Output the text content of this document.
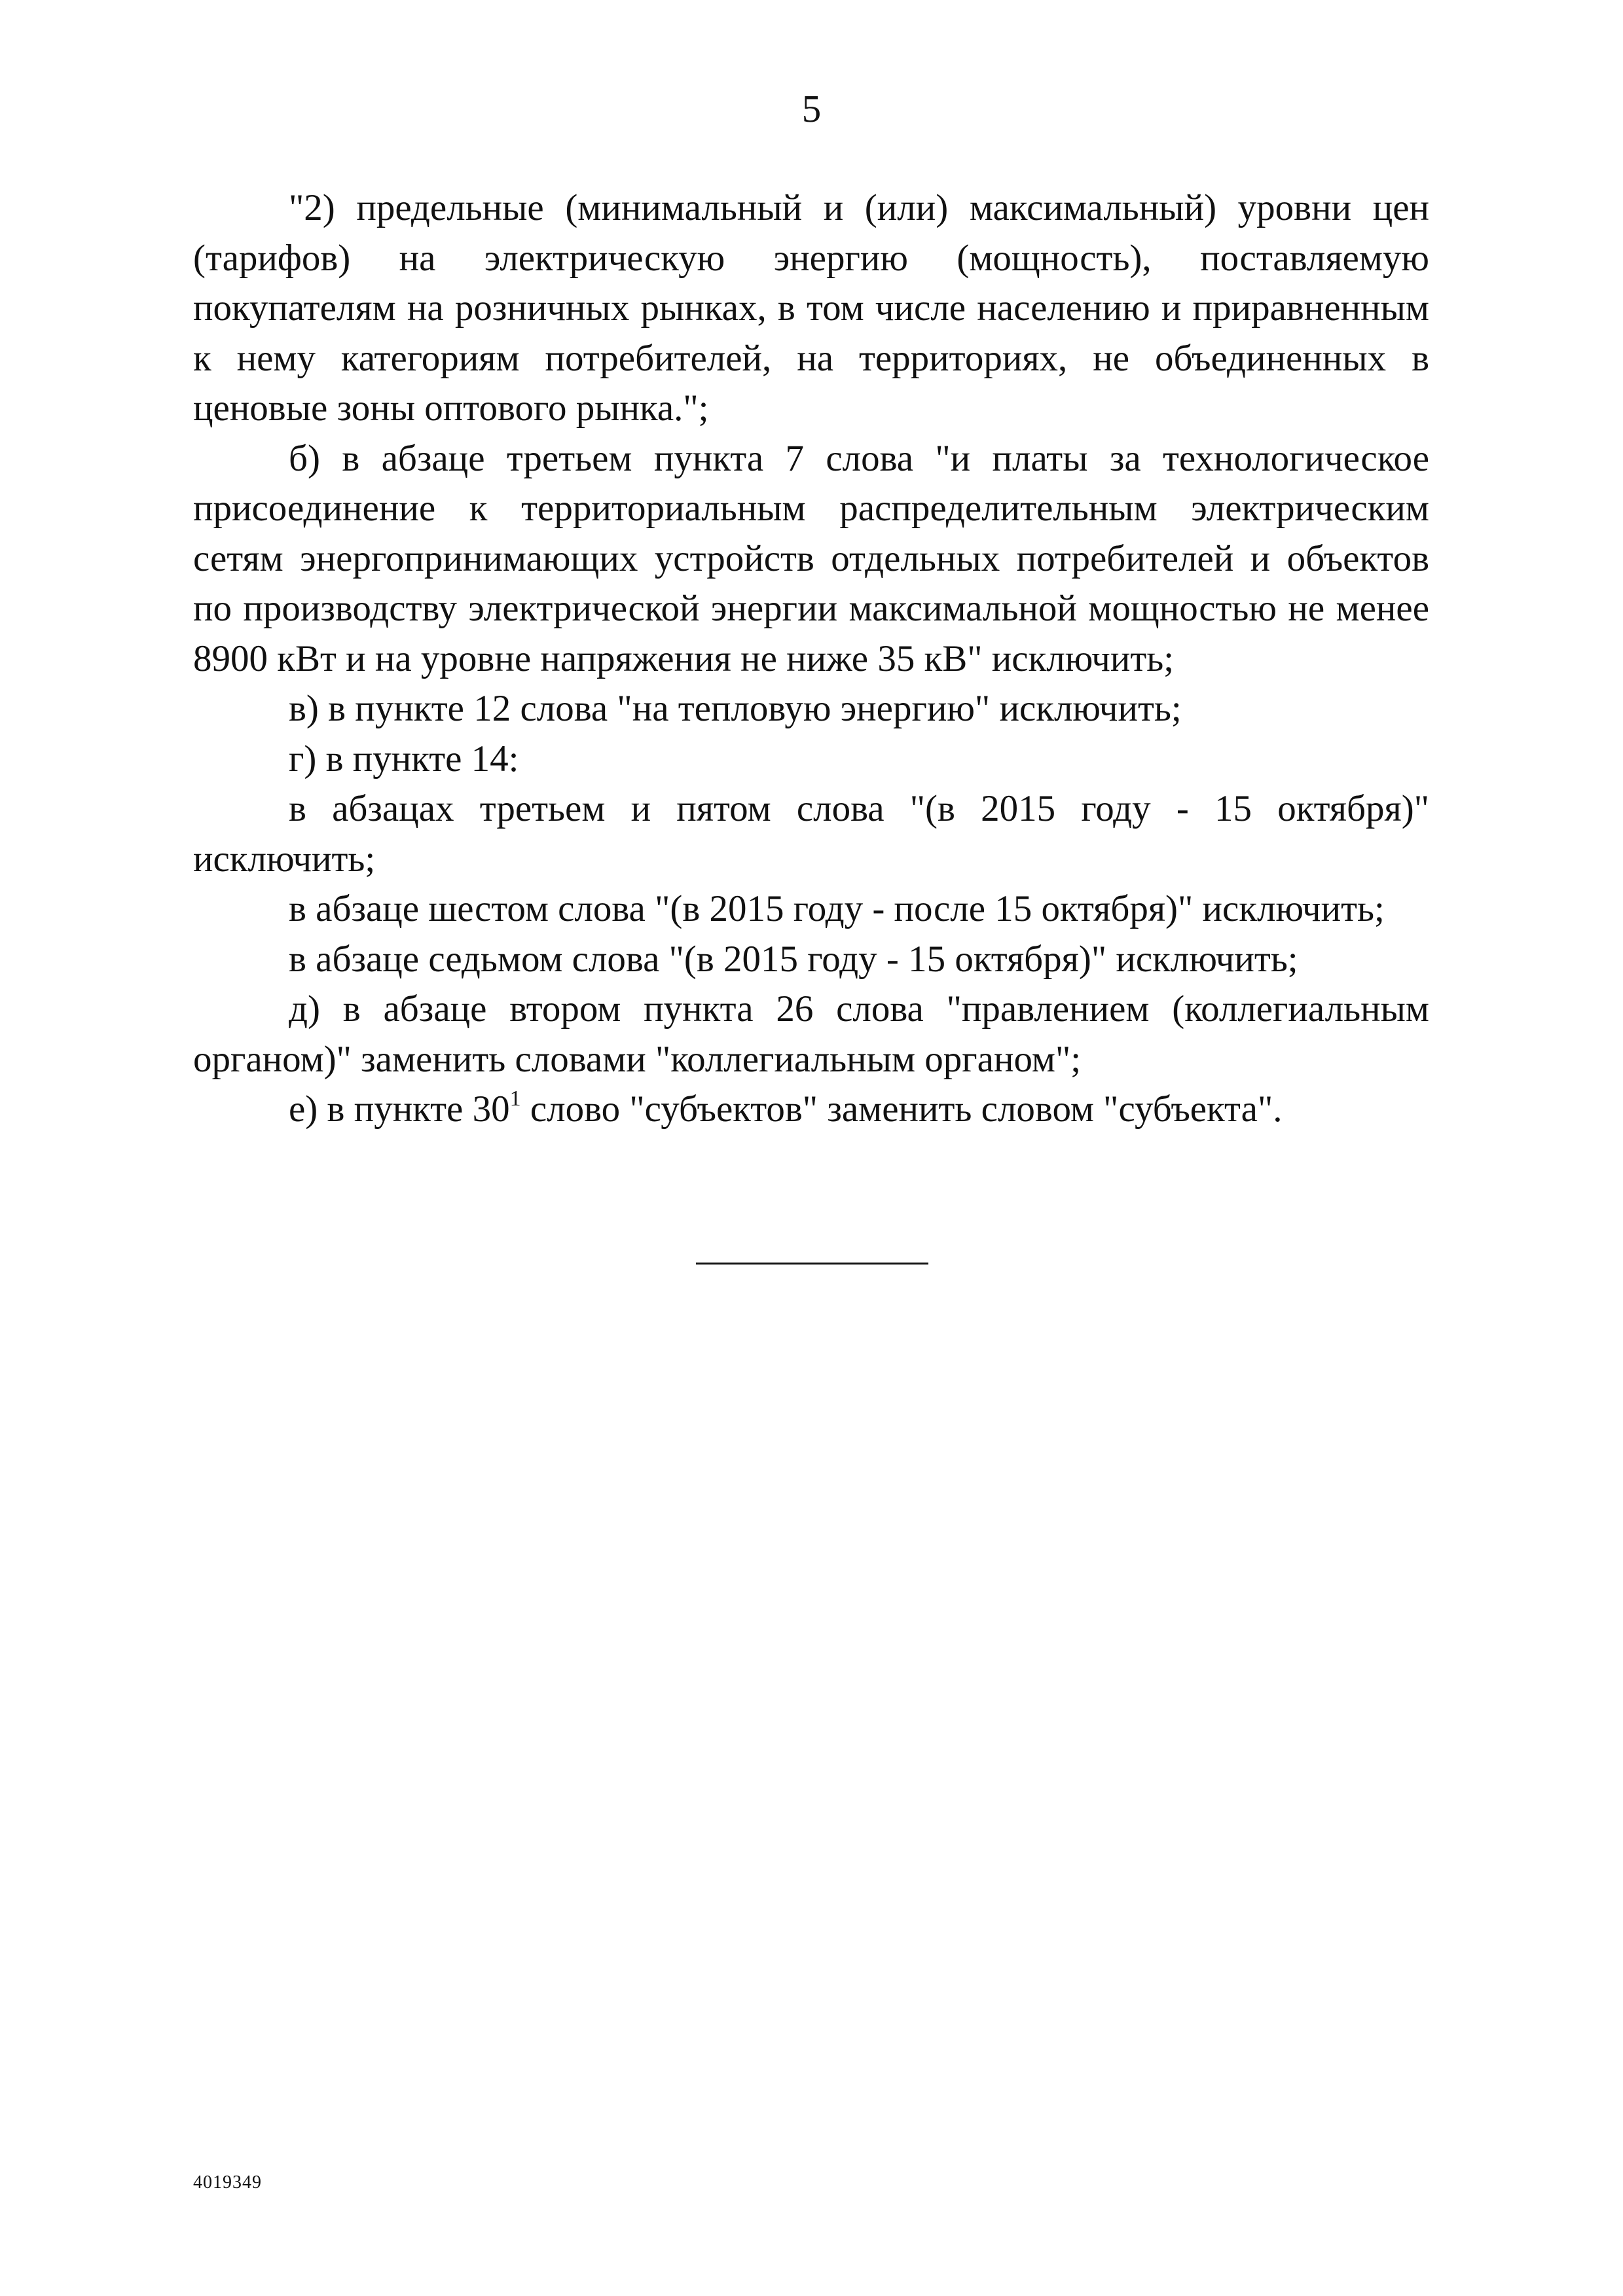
5

"2) предельные (минимальный и (или) максимальный) уровни цен (тарифов) на электрическую энергию (мощность), поставляемую покупателям на розничных рынках, в том числе населению и приравненным к нему категориям потребителей, на территориях, не объединенных в ценовые зоны оптового рынка.";

б) в абзаце третьем пункта 7 слова "и платы за технологическое присоединение к территориальным распределительным электрическим сетям энергопринимающих устройств отдельных потребителей и объектов по производству электрической энергии максимальной мощностью не менее 8900 кВт и на уровне напряжения не ниже 35 кВ" исключить;

в) в пункте 12 слова "на тепловую энергию" исключить;

г) в пункте 14:

в абзацах третьем и пятом слова "(в 2015 году - 15 октября)" исключить;

в абзаце шестом слова "(в 2015 году - после 15 октября)" исключить;

в абзаце седьмом слова "(в 2015 году - 15 октября)" исключить;

д) в абзаце втором пункта 26 слова "правлением (коллегиальным органом)" заменить словами "коллегиальным органом";

е) в пункте $30^1$ слово "субъектов" заменить словом "субъекта".

4019349
